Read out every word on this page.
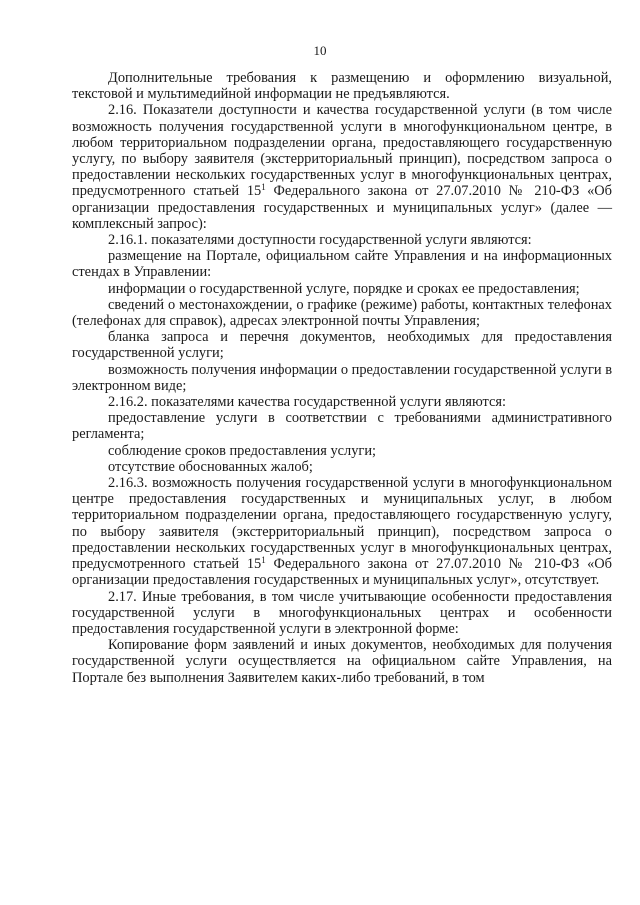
10

Дополнительные требования к размещению и оформлению визуальной, текстовой и мультимедийной информации не предъявляются.

2.16. Показатели доступности и качества государственной услуги (в том числе возможность получения государственной услуги в многофункциональном центре, в любом территориальном подразделении органа, предоставляющего государственную услугу, по выбору заявителя (экстерриториальный принцип), посредством запроса о предоставлении нескольких государственных услуг в многофункциональных центрах, предусмотренного статьей $15^1$ Федерального закона от 27.07.2010 № 210-ФЗ «Об организации предоставления государственных и муниципальных услуг» (далее — комплексный запрос):

2.16.1. показателями доступности государственной услуги являются:

размещение на Портале, официальном сайте Управления и на информационных стендах в Управлении:

информации о государственной услуге, порядке и сроках ее предоставления;

сведений о местонахождении, о графике (режиме) работы, контактных телефонах (телефонах для справок), адресах электронной почты Управления;

бланка запроса и перечня документов, необходимых для предоставления государственной услуги;

возможность получения информации о предоставлении государственной услуги в электронном виде;

2.16.2. показателями качества государственной услуги являются:

предоставление услуги в соответствии с требованиями административного регламента;

соблюдение сроков предоставления услуги;

отсутствие обоснованных жалоб;

2.16.3. возможность получения государственной услуги в многофункциональном центре предоставления государственных и муниципальных услуг, в любом территориальном подразделении органа, предоставляющего государственную услугу, по выбору заявителя (экстерриториальный принцип), посредством запроса о предоставлении нескольких государственных услуг в многофункциональных центрах, предусмотренного статьей $15^1$ Федерального закона от 27.07.2010 № 210-ФЗ «Об организации предоставления государственных и муниципальных услуг», отсутствует.

2.17. Иные требования, в том числе учитывающие особенности предоставления государственной услуги в многофункциональных центрах и особенности предоставления государственной услуги в электронной форме:

Копирование форм заявлений и иных документов, необходимых для получения государственной услуги осуществляется на официальном сайте Управления, на Портале без выполнения Заявителем каких-либо требований, в том
